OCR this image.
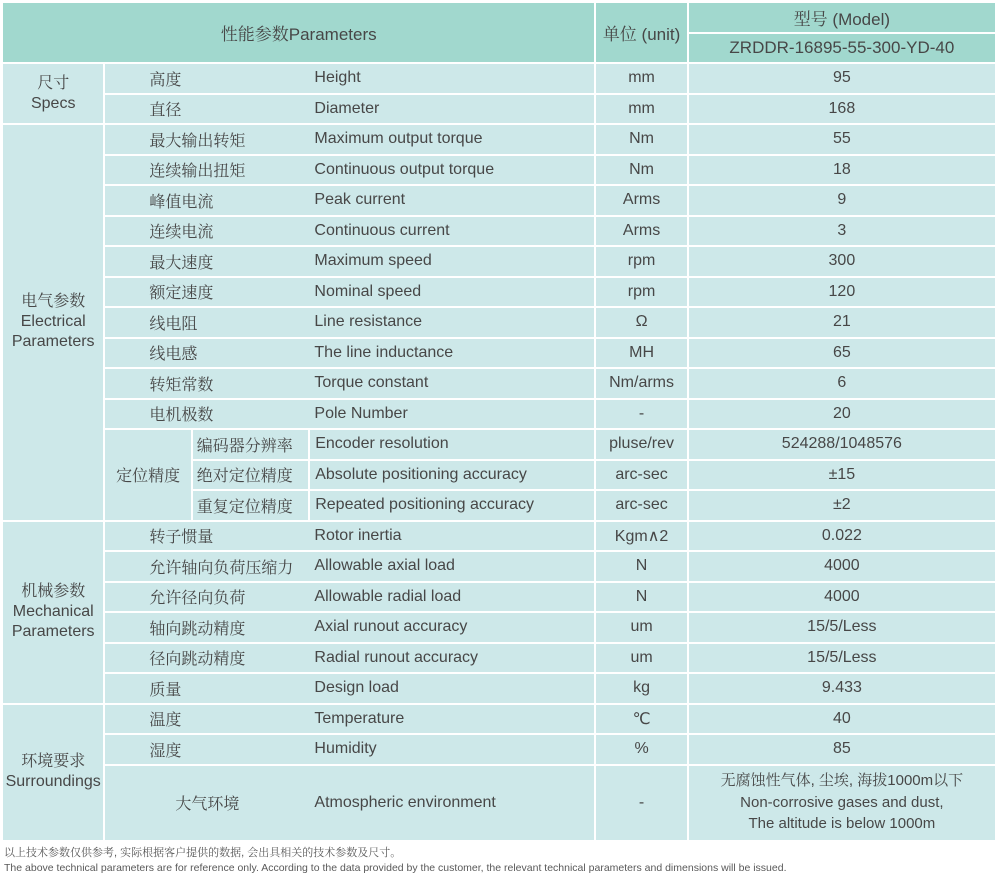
性能参数Parameters				单位 (unit)	型号 (Model)
					ZRDDR-16895-55-300-YD-40

尺寸
Specs

高度	Height	mm	95

	直径 Diameter			mm	168

电气参数
Electrical Parameters

最大输出转矩	Maximum output torque	Nm	55

	连续输出扭矩 Continuous output torque			Nm	18

	峰值电流 Peak current			Arms	9

	连续电流 Continuous current			Arms	3

	最大速度 Maximum speed			rpm	300

	额定速度 Nominal speed			rpm	120

	线电阻 Line resistance			Ω	21

	线电感 The line inductance			MH	65

	转矩常数 Torque constant			Nm/arms	6

	电机极数 Pole Number			-	20
	定位精度	编码器分辨率	Encoder resolution	pluse/rev	524288/1048576
		绝对定位精度	Absolute positioning accuracy	arc-sec	±15
		重复定位精度	Repeated positioning accuracy	arc-sec	±2

机械参数
Mechanical Parameters

转子惯量	Rotor inertia	Kgm∧2	0.022

	允许轴向负荷压缩力 Allowable axial load			N	4000

	允许径向负荷 Allowable radial load			N	4000

	轴向跳动精度 Axial runout accuracy			um	15/5/Less

	径向跳动精度 Radial runout accuracy			um	15/5/Less

	质量 Design load			kg	9.433

环境要求
Surroundings

温度	Temperature	℃	40

	湿度 Humidity			%	85

大气环境	Atmospheric environment	-	
无腐蚀性气体, 尘埃, 海拔1000m以下
Non-corrosive gases and dust,
The altitude is below 1000m
以上技术参数仅供参考, 实际根据客户提供的数据, 会出具相关的技术参数及尺寸。
The above technical parameters are for reference only. According to the data provided by the customer, the relevant technical parameters and dimensions will be issued.
